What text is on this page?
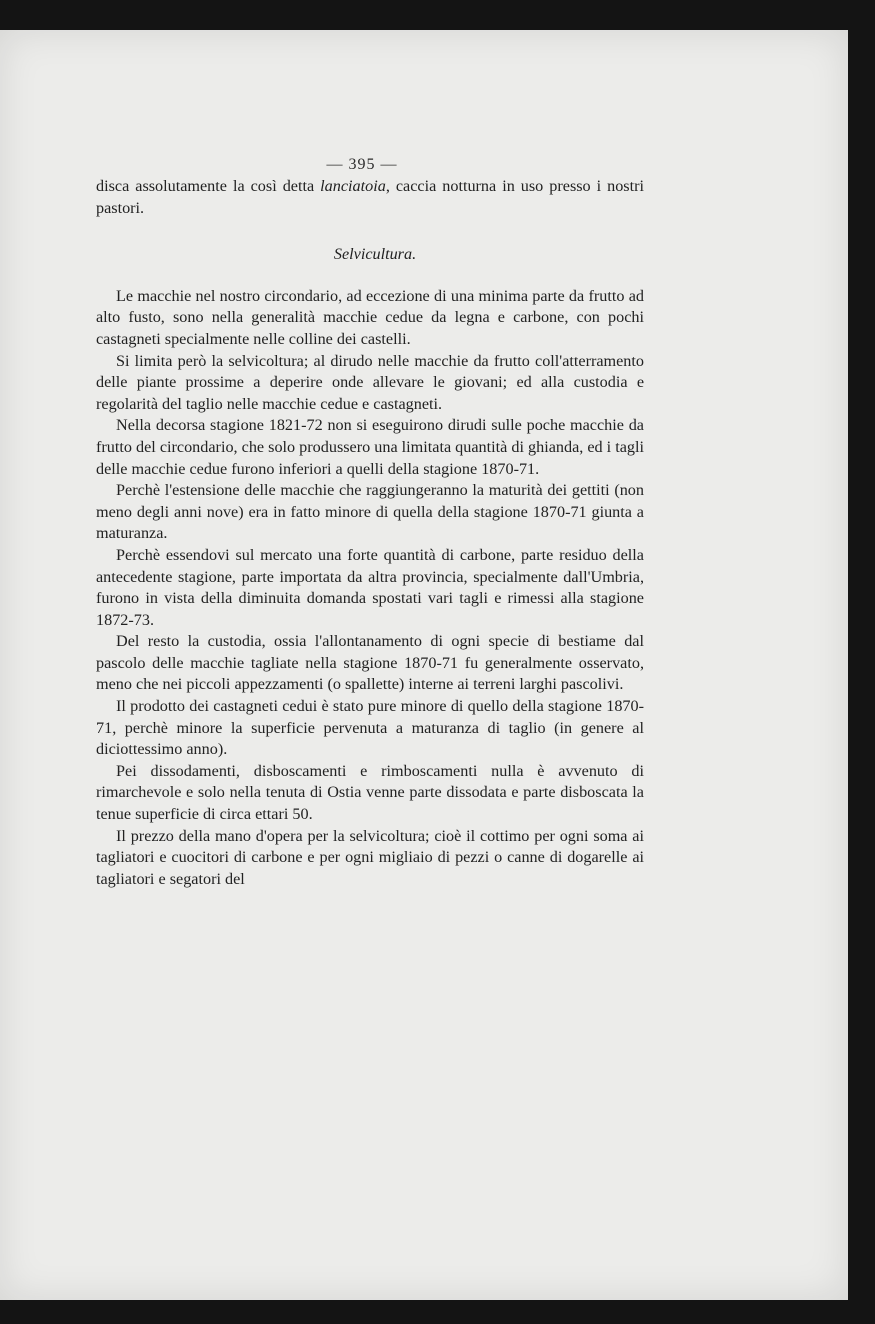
— 395 —

disca assolutamente la così detta lanciatoia, caccia notturna in uso presso i nostri pastori.

Selvicultura.

Le macchie nel nostro circondario, ad eccezione di una minima parte da frutto ad alto fusto, sono nella generalità macchie cedue da legna e carbone, con pochi castagneti specialmente nelle colline dei castelli.

Si limita però la selvicoltura; al dirudo nelle macchie da frutto coll'atterramento delle piante prossime a deperire onde allevare le giovani; ed alla custodia e regolarità del taglio nelle macchie cedue e castagneti.

Nella decorsa stagione 1821-72 non si eseguirono dirudi sulle poche macchie da frutto del circondario, che solo produssero una limitata quantità di ghianda, ed i tagli delle macchie cedue furono inferiori a quelli della stagione 1870-71.

Perchè l'estensione delle macchie che raggiungeranno la maturità dei gettiti (non meno degli anni nove) era in fatto minore di quella della stagione 1870-71 giunta a maturanza.

Perchè essendovi sul mercato una forte quantità di carbone, parte residuo della antecedente stagione, parte importata da altra provincia, specialmente dall'Umbria, furono in vista della diminuita domanda spostati vari tagli e rimessi alla stagione 1872-73.

Del resto la custodia, ossia l'allontanamento di ogni specie di bestiame dal pascolo delle macchie tagliate nella stagione 1870-71 fu generalmente osservato, meno che nei piccoli appezzamenti (o spallette) interne ai terreni larghi pascolivi.

Il prodotto dei castagneti cedui è stato pure minore di quello della stagione 1870-71, perchè minore la superficie pervenuta a maturanza di taglio (in genere al diciottessimo anno).

Pei dissodamenti, disboscamenti e rimboscamenti nulla è avvenuto di rimarchevole e solo nella tenuta di Ostia venne parte dissodata e parte disboscata la tenue superficie di circa ettari 50.

Il prezzo della mano d'opera per la selvicoltura; cioè il cottimo per ogni soma ai tagliatori e cuocitori di carbone e per ogni migliaio di pezzi o canne di dogarelle ai tagliatori e segatori del
